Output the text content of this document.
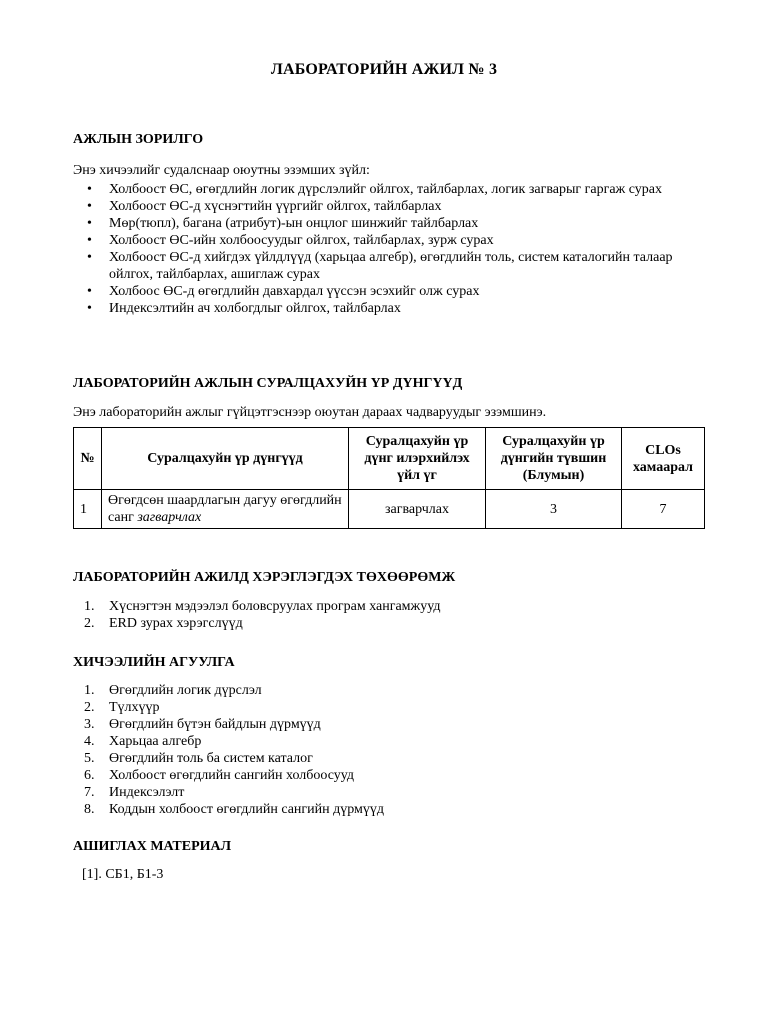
ЛАБОРАТОРИЙН АЖИЛ № 3
АЖЛЫН ЗОРИЛГО
Энэ хичээлийг судалснаар оюутны эзэмших зүйл:
• Холбоост ӨС, өгөгдлийн логик дүрслэлийг ойлгох, тайлбарлах, логик загварыг гаргаж сурах
• Холбоост ӨС-д хүснэгтийн үүргийг ойлгох, тайлбарлах
• Мөр(тюпл), багана (атрибут)-ын онцлог шинжийг тайлбарлах
• Холбоост ӨС-ийн холбоосуудыг ойлгох, тайлбарлах, зурж сурах
• Холбоост ӨС-д хийгдэх үйлдлүүд (харьцаа алгебр), өгөгдлийн толь, систем каталогийн талаар ойлгох, тайлбарлах, ашиглаж сурах
• Холбоос ӨС-д өгөгдлийн давхардал үүссэн эсэхийг олж сурах
• Индексэлтийн ач холбогдлыг ойлгох, тайлбарлах
ЛАБОРАТОРИЙН АЖЛЫН СУРАЛЦАХУЙН ҮР ДҮНГҮҮД
Энэ лабораторийн ажлыг гүйцэтгэснээр оюутан дараах чадваруудыг эзэмшинэ.
№	Суралцахуйн үр дүнгүүд	Суралцахуйн үр дүнг илэрхийлэх үйл үг	Суралцахуйн үр дүнгийн түвшин (Блумын)	CLOs хамаарал
1	Өгөгдсөн шаардлагын дагуу өгөгдлийн санг загварчлах	загварчлах	3	7
ЛАБОРАТОРИЙН АЖИЛД ХЭРЭГЛЭГДЭХ ТӨХӨӨРӨМЖ
1. Хүснэгтэн мэдээлэл боловсруулах програм хангамжууд
2. ERD зурах хэрэгслүүд
ХИЧЭЭЛИЙН АГУУЛГА
1. Өгөгдлийн логик дүрслэл
2. Түлхүүр
3. Өгөгдлийн бүтэн байдлын дүрмүүд
4. Харьцаа алгебр
5. Өгөгдлийн толь ба систем каталог
6. Холбоост өгөгдлийн сангийн холбоосууд
7. Индексэлэлт
8. Коддын холбоост өгөгдлийн сангийн дүрмүүд
АШИГЛАХ МАТЕРИАЛ
[1]. СБ1, Б1-3
